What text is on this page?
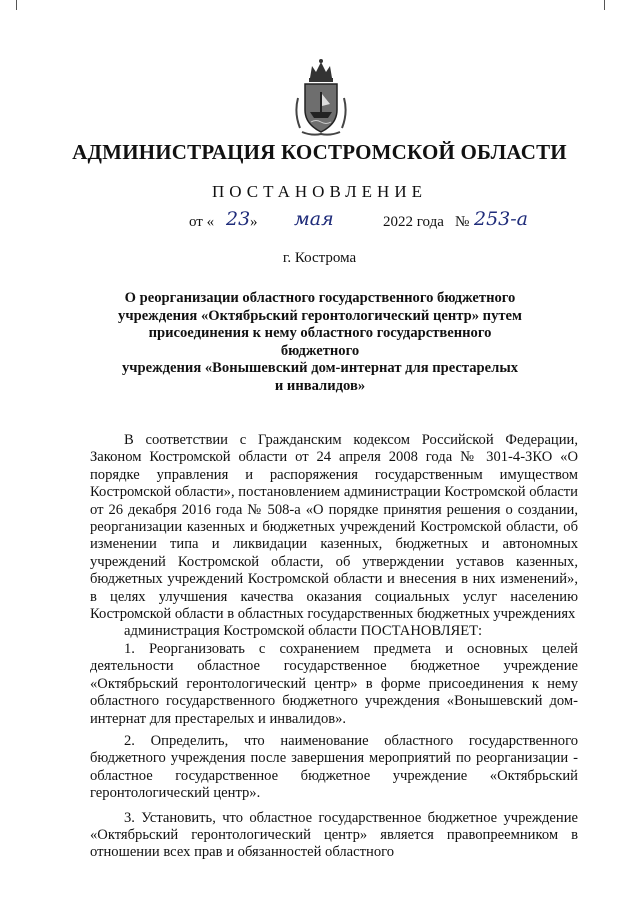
АДМИНИСТРАЦИЯ КОСТРОМСКОЙ ОБЛАСТИ
ПОСТАНОВЛЕНИЕ
от « 23 » мая	2022 года № 253-а
г. Кострома
О реорганизации областного государственного бюджетного
учреждения «Октябрьский геронтологический центр» путем
присоединения к нему областного государственного бюджетного
учреждения «Вонышевский дом-интернат для престарелых
и инвалидов»

В соответствии с Гражданским кодексом Российской Федерации, Законом Костромской области от 24 апреля 2008 года № 301-4-ЗКО «О порядке управления и распоряжения государственным имуществом Костромской области», постановлением администрации Костромской области от 26 декабря 2016 года № 508-а «О порядке принятия решения о создании, реорганизации казенных и бюджетных учреждений Костромской области, об изменении типа и ликвидации казенных, бюджетных и автономных учреждений Костромской области, об утверждении уставов казенных, бюджетных учреждений Костромской области и внесения в них изменений», в целях улучшения качества оказания социальных услуг населению Костромской области в областных государственных бюджетных учреждениях

администрация Костромской области ПОСТАНОВЛЯЕТ:

1. Реорганизовать с сохранением предмета и основных целей деятельности областное государственное бюджетное учреждение «Октябрьский геронтологический центр» в форме присоединения к нему областного государственного бюджетного учреждения «Вонышевский дом-интернат для престарелых и инвалидов».

2. Определить, что наименование областного государственного бюджетного учреждения после завершения мероприятий по реорганизации - областное государственное бюджетное учреждение «Октябрьский геронтологический центр».

3. Установить, что областное государственное бюджетное учреждение «Октябрьский геронтологический центр» является правопреемником в отношении всех прав и обязанностей областного
